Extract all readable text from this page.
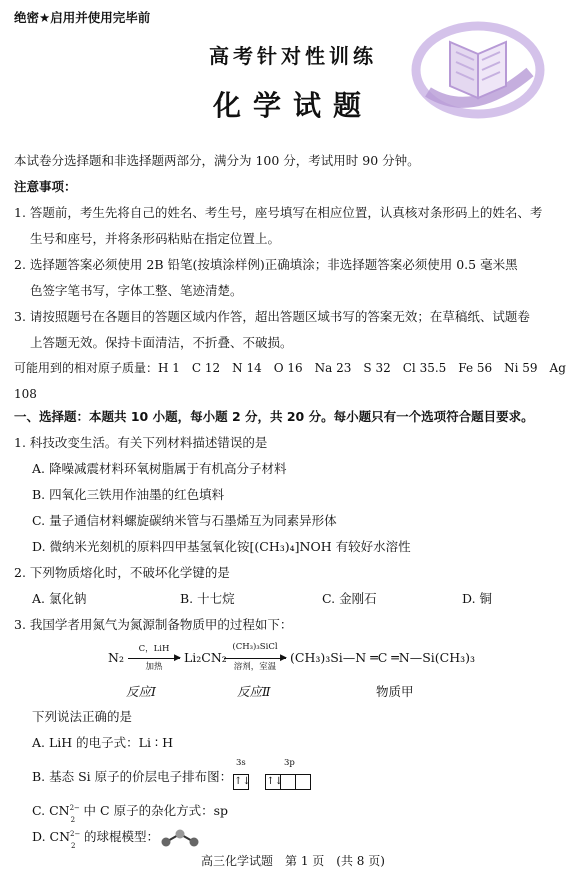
绝密★启用并使用完毕前
高考针对性训练
化学试题
本试卷分选择题和非选择题两部分，满分为 100 分，考试用时 90 分钟。
注意事项：
1. 答题前，考生先将自己的姓名、考生号，座号填写在相应位置，认真核对条形码上的姓名、考
生号和座号，并将条形码粘贴在指定位置上。
2. 选择题答案必须使用 2B 铅笔(按填涂样例)正确填涂；非选择题答案必须使用 0.5 毫米黑
色签字笔书写，字体工整、笔迹清楚。
3. 请按照题号在各题目的答题区域内作答，超出答题区域书写的答案无效；在草稿纸、试题卷
上答题无效。保持卡面清洁，不折叠、不破损。
可能用到的相对原子质量：H 1　C 12　N 14　O 16　Na 23　S 32　Cl 35.5　Fe 56　Ni 59　Ag 108
一、选择题：本题共 10 小题，每小题 2 分，共 20 分。每小题只有一个选项符合题目要求。
1. 科技改变生活。有关下列材料描述错误的是
A. 降噪减震材料环氧树脂属于有机高分子材料
B. 四氧化三铁用作油墨的红色填料
C. 量子通信材料螺旋碳纳米管与石墨烯互为同素异形体
D. 微纳米光刻机的原料四甲基氢氧化铵[(CH₃)₄]NOH 有较好水溶性
2. 下列物质熔化时，不破坏化学键的是
A. 氯化钠	B. 十七烷	C. 金刚石	D. 铜
3. 我国学者用氮气为氮源制备物质甲的过程如下：
N₂
C，LiH
▶
加热
Li₂CN₂
(CH₃)₃SiCl
▶
溶剂，室温
(CH₃)₃Si—N ═C ═N—Si(CH₃)₃
反应Ⅰ	反应Ⅱ	物质甲
下列说法正确的是
A. LiH 的电子式：Li ∶ H
B. 基态 Si 原子的价层电子排布图：
3s	3p
↑↓ ↑↓
C. CN 2−
2
中 C 原子的杂化方式：sp
D. CN 2−
2
的球棍模型：
高三化学试题　第 1 页　(共 8 页)
